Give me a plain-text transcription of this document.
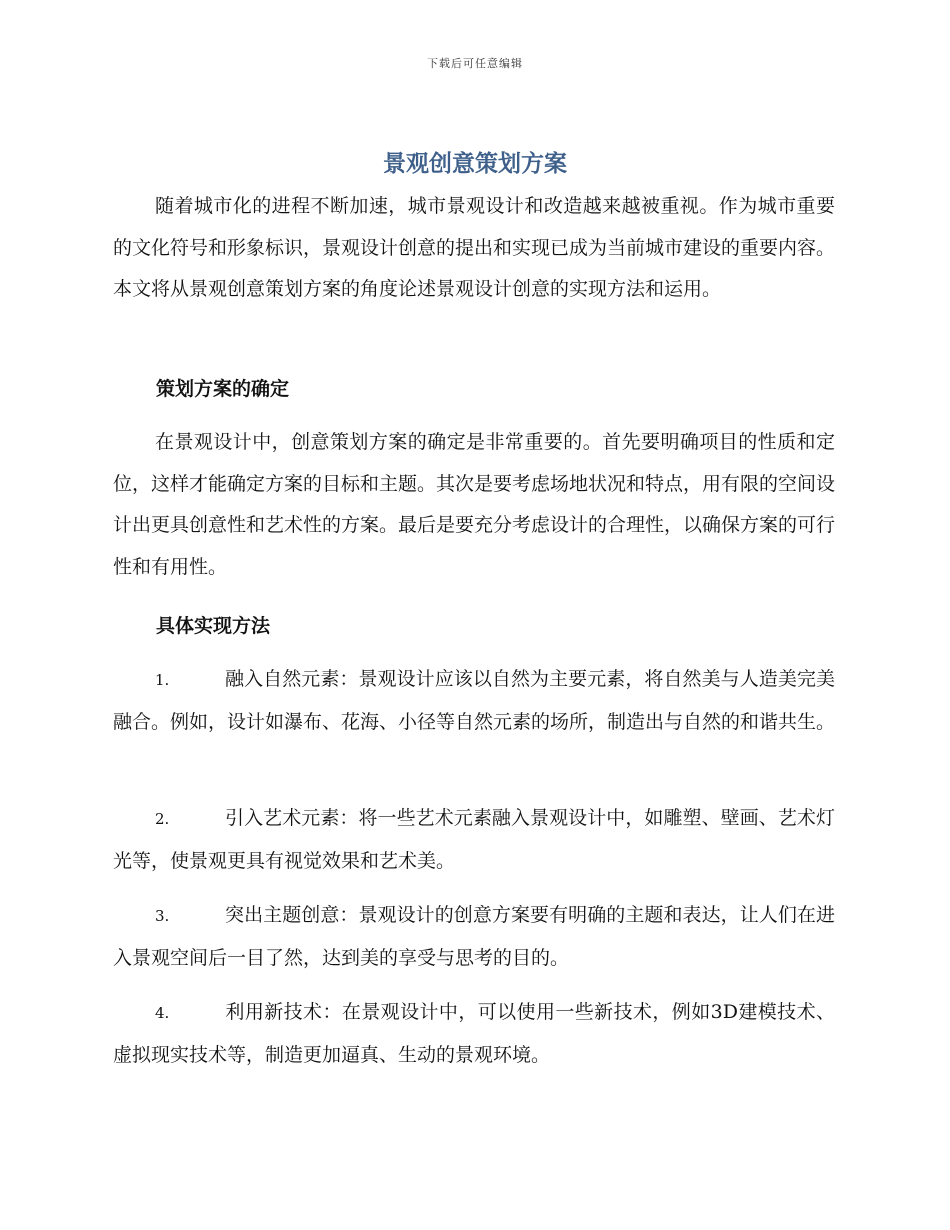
下载后可任意编辑
景观创意策划方案

随着城市化的进程不断加速，城市景观设计和改造越来越被重视。作为城市重要的文化符号和形象标识，景观设计创意的提出和实现已成为当前城市建设的重要内容。本文将从景观创意策划方案的角度论述景观设计创意的实现方法和运用。

策划方案的确定

在景观设计中，创意策划方案的确定是非常重要的。首先要明确项目的性质和定位，这样才能确定方案的目标和主题。其次是要考虑场地状况和特点，用有限的空间设计出更具创意性和艺术性的方案。最后是要充分考虑设计的合理性，以确保方案的可行性和有用性。

具体实现方法

1.	融入自然元素：景观设计应该以自然为主要元素，将自然美与人造美完美融合。例如，设计如瀑布、花海、小径等自然元素的场所，制造出与自然的和谐共生。

2.	引入艺术元素：将一些艺术元素融入景观设计中，如雕塑、壁画、艺术灯光等，使景观更具有视觉效果和艺术美。

3.	突出主题创意：景观设计的创意方案要有明确的主题和表达，让人们在进入景观空间后一目了然，达到美的享受与思考的目的。

4.	利用新技术：在景观设计中，可以使用一些新技术，例如3D建模技术、虚拟现实技术等，制造更加逼真、生动的景观环境。
